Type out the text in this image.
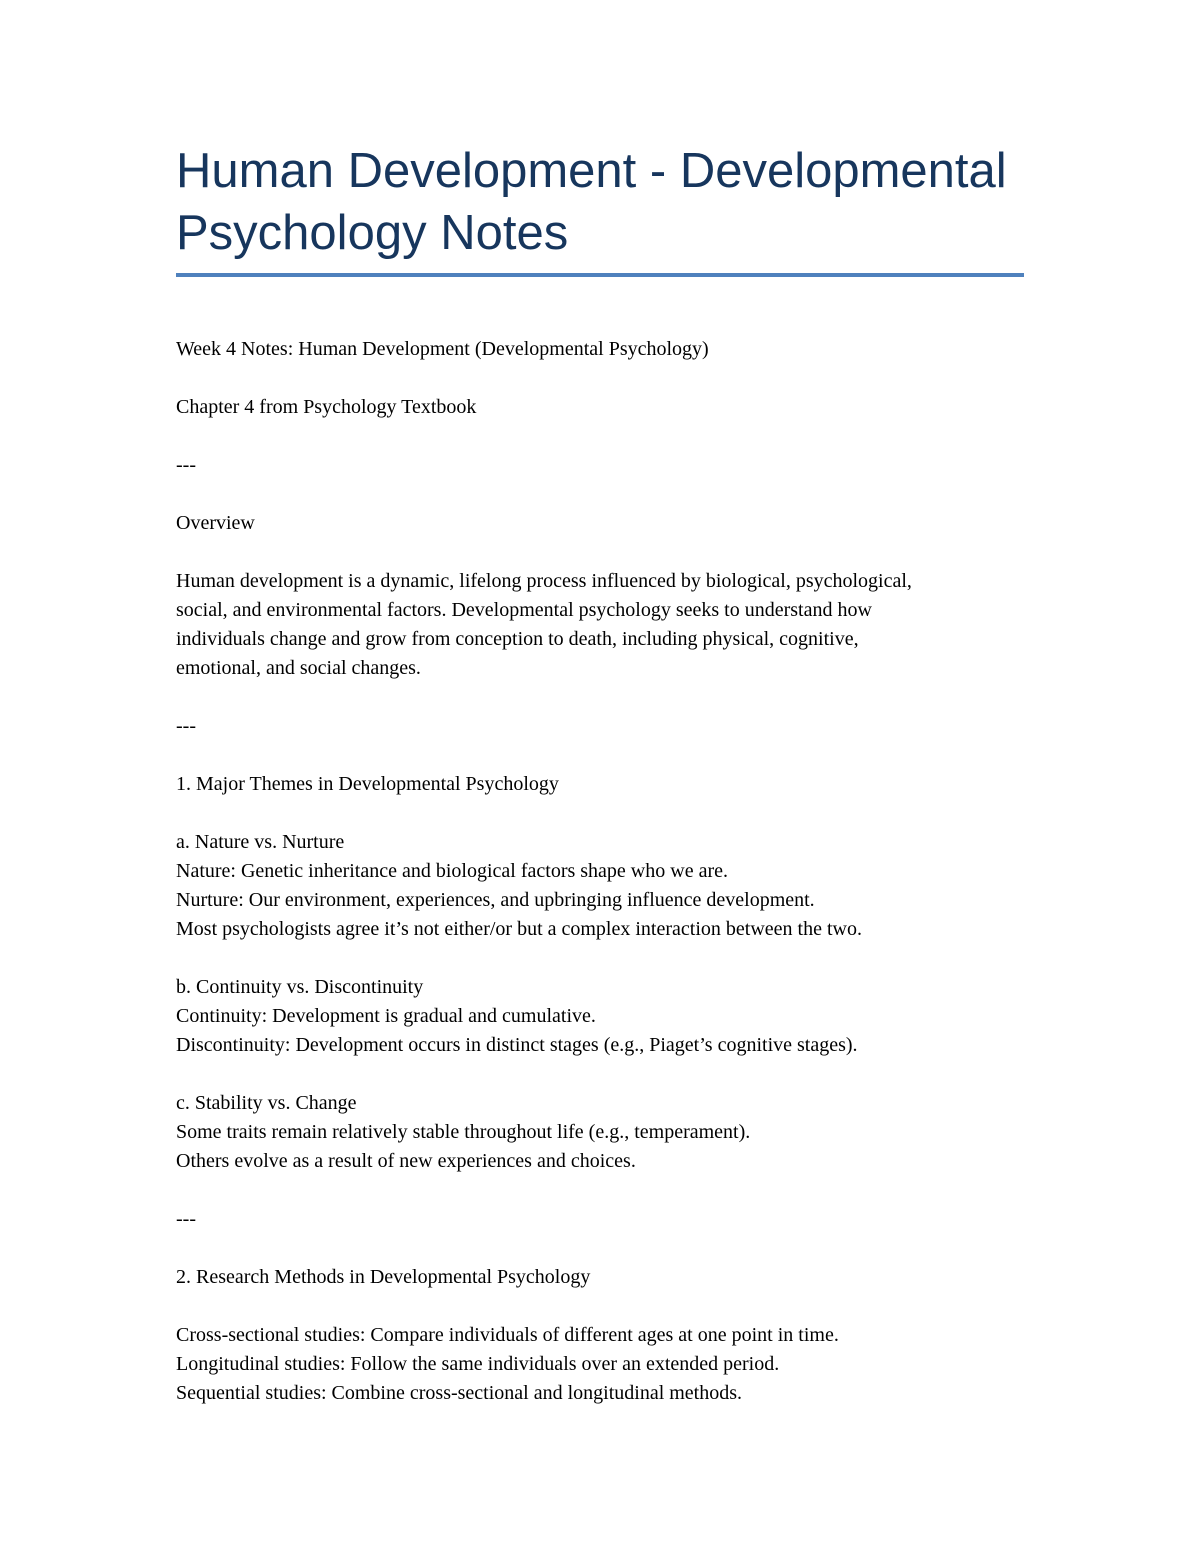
Human Development - Developmental Psychology Notes

Week 4 Notes: Human Development (Developmental Psychology)

Chapter 4 from Psychology Textbook

---

Overview

Human development is a dynamic, lifelong process influenced by biological, psychological,
social, and environmental factors. Developmental psychology seeks to understand how
individuals change and grow from conception to death, including physical, cognitive,
emotional, and social changes.

---

1. Major Themes in Developmental Psychology

a. Nature vs. Nurture
Nature: Genetic inheritance and biological factors shape who we are.
Nurture: Our environment, experiences, and upbringing influence development.
Most psychologists agree it’s not either/or but a complex interaction between the two.

b. Continuity vs. Discontinuity
Continuity: Development is gradual and cumulative.
Discontinuity: Development occurs in distinct stages (e.g., Piaget’s cognitive stages).

c. Stability vs. Change
Some traits remain relatively stable throughout life (e.g., temperament).
Others evolve as a result of new experiences and choices.

---

2. Research Methods in Developmental Psychology

Cross-sectional studies: Compare individuals of different ages at one point in time.
Longitudinal studies: Follow the same individuals over an extended period.
Sequential studies: Combine cross-sectional and longitudinal methods.
